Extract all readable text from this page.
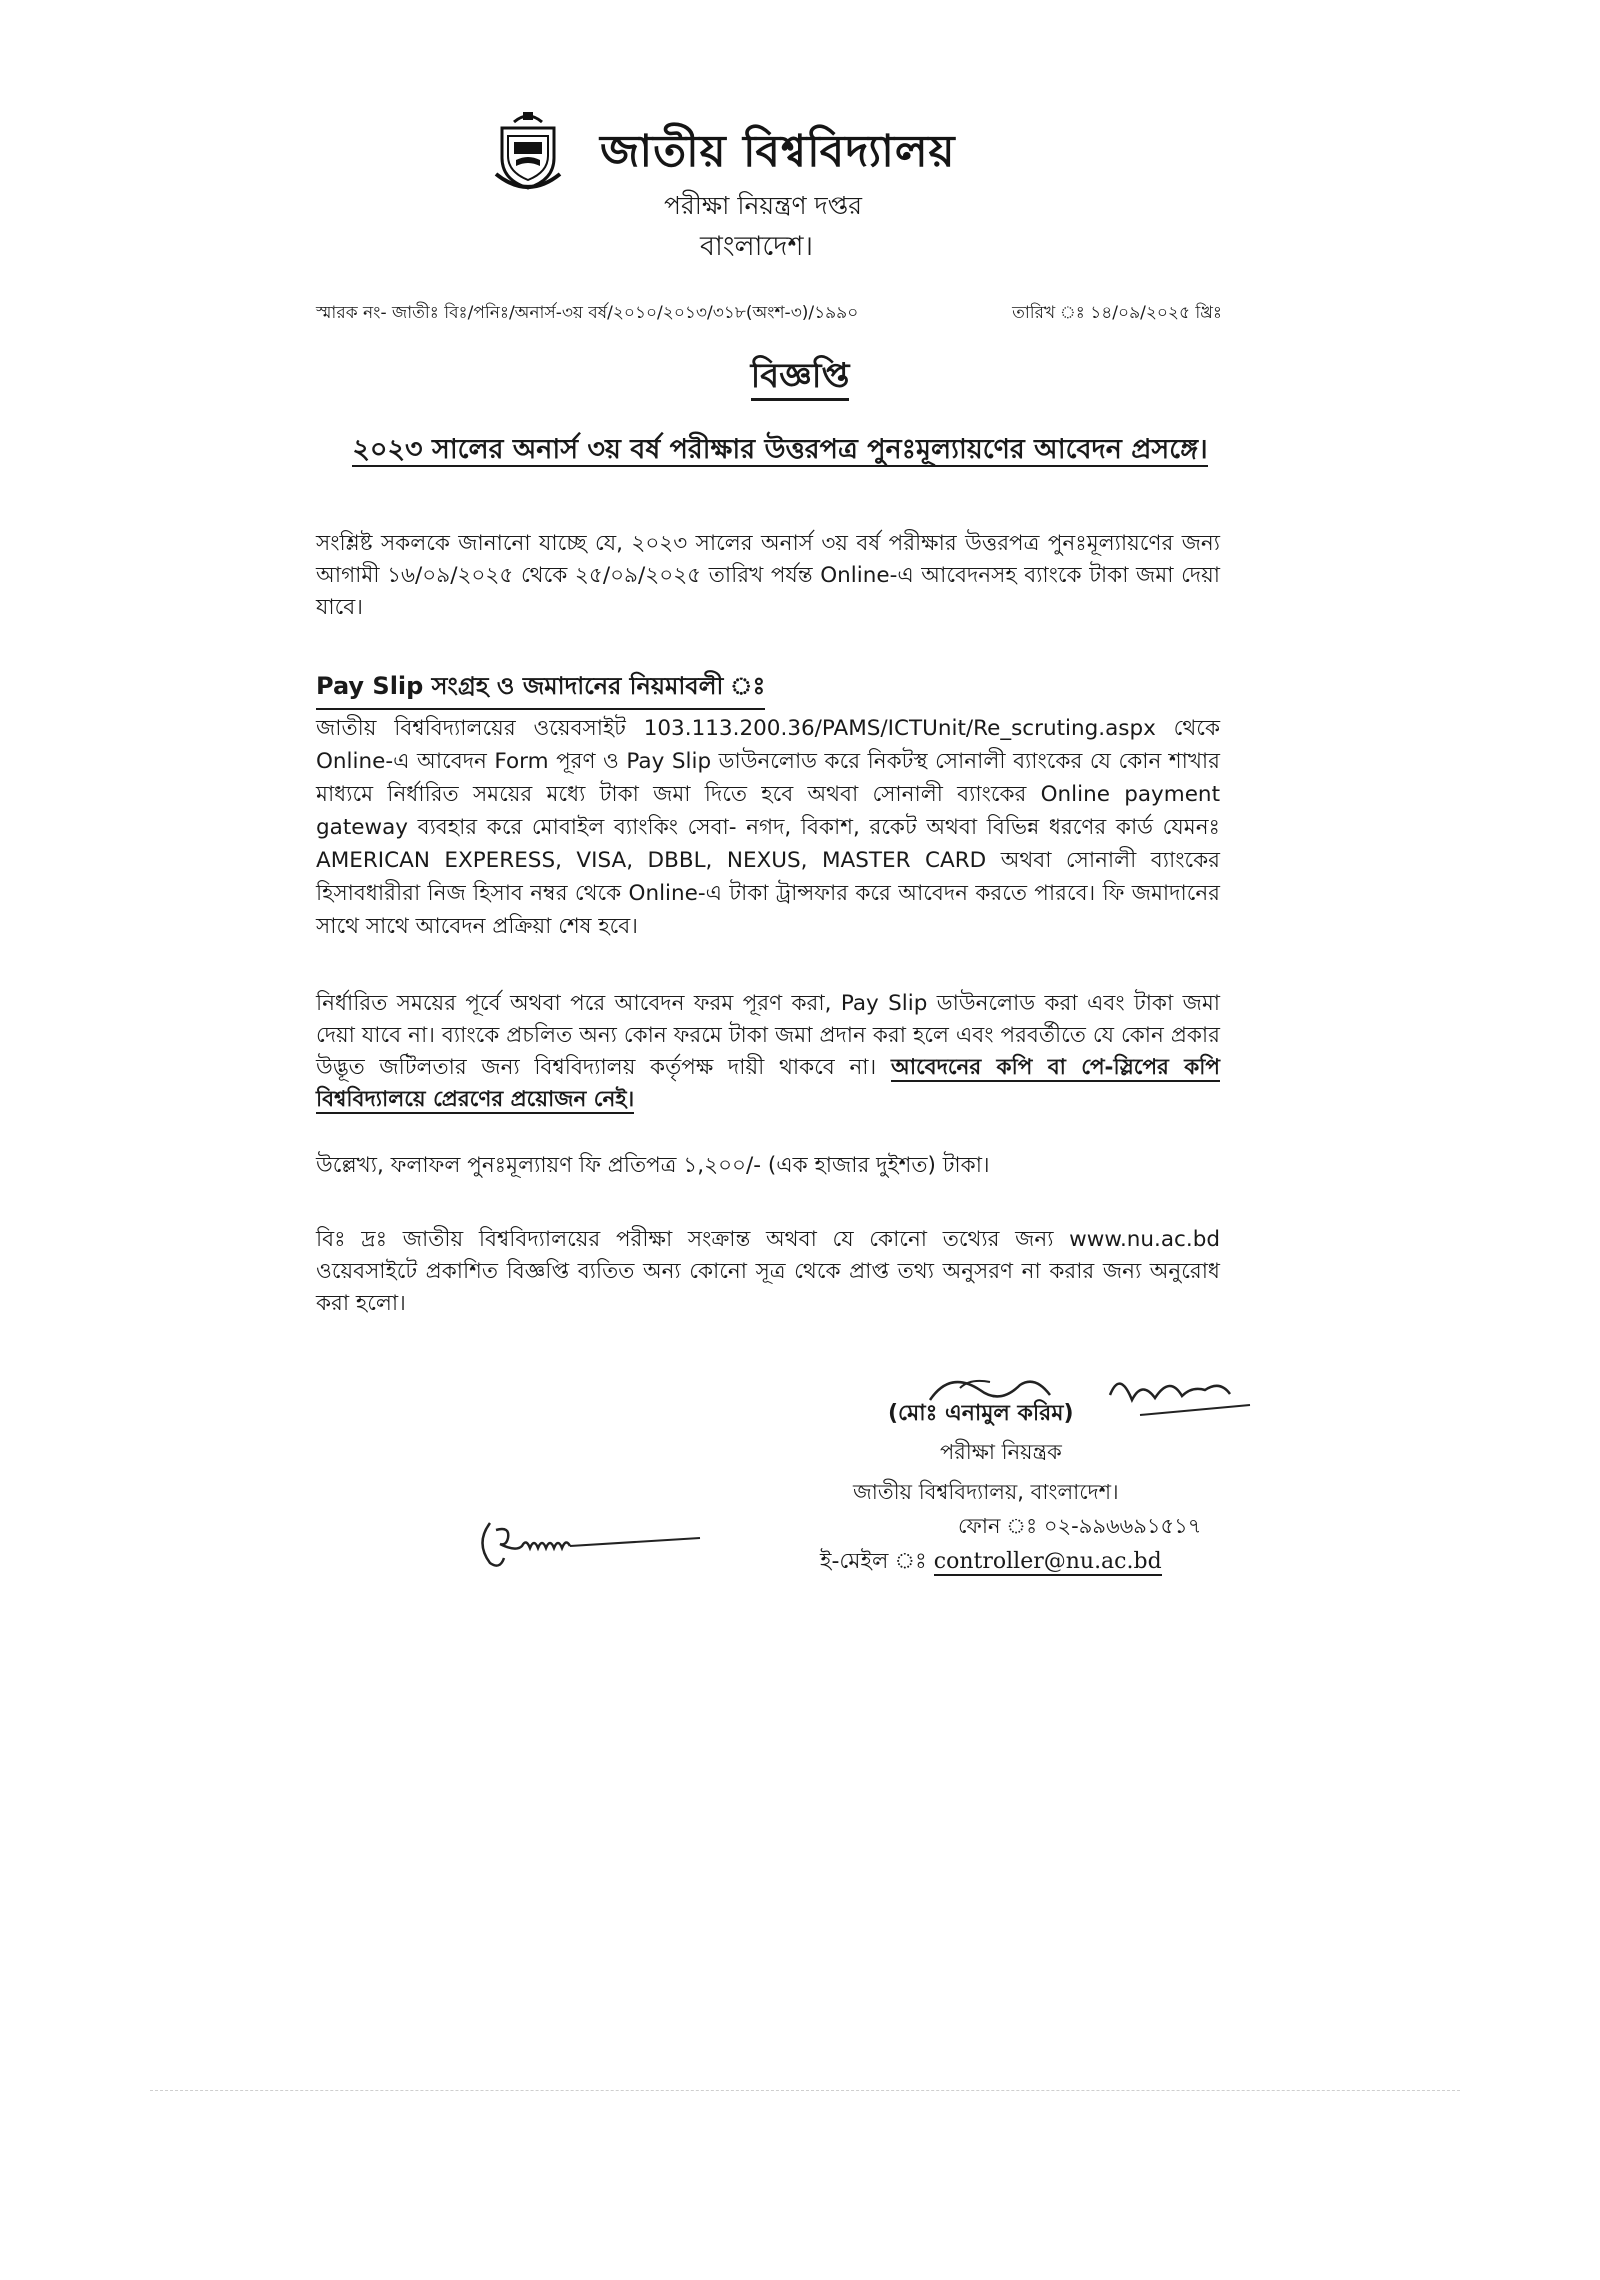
জাতীয় বিশ্ববিদ্যালয়
পরীক্ষা নিয়ন্ত্রণ দপ্তর
বাংলাদেশ।
স্মারক নং- জাতীঃ বিঃ/পনিঃ/অনার্স-৩য় বর্ষ/২০১০/২০১৩/৩১৮(অংশ-৩)/১৯৯০	তারিখ ঃ ১৪/০৯/২০২৫ খ্রিঃ
বিজ্ঞপ্তি
২০২৩ সালের অনার্স ৩য় বর্ষ পরীক্ষার উত্তরপত্র পুনঃমূল্যায়ণের আবেদন প্রসঙ্গে।
সংশ্লিষ্ট সকলকে জানানো যাচ্ছে যে, ২০২৩ সালের অনার্স ৩য় বর্ষ পরীক্ষার উত্তরপত্র পুনঃমূল্যায়ণের জন্য আগামী ১৬/০৯/২০২৫ থেকে ২৫/০৯/২০২৫ তারিখ পর্যন্ত Online-এ আবেদনসহ ব্যাংকে টাকা জমা দেয়া যাবে।
Pay Slip সংগ্রহ ও জমাদানের নিয়মাবলী ঃ
জাতীয় বিশ্ববিদ্যালয়ের ওয়েবসাইট 103.113.200.36/PAMS/ICTUnit/Re_scruting.aspx থেকে Online-এ আবেদন Form পূরণ ও Pay Slip ডাউনলোড করে নিকটস্থ সোনালী ব্যাংকের যে কোন শাখার মাধ্যমে নির্ধারিত সময়ের মধ্যে টাকা জমা দিতে হবে অথবা সোনালী ব্যাংকের Online payment gateway ব্যবহার করে মোবাইল ব্যাংকিং সেবা- নগদ, বিকাশ, রকেট অথবা বিভিন্ন ধরণের কার্ড যেমনঃ AMERICAN EXPERESS, VISA, DBBL, NEXUS, MASTER CARD অথবা সোনালী ব্যাংকের হিসাবধারীরা নিজ হিসাব নম্বর থেকে Online-এ টাকা ট্রান্সফার করে আবেদন করতে পারবে। ফি জমাদানের সাথে সাথে আবেদন প্রক্রিয়া শেষ হবে।
নির্ধারিত সময়ের পূর্বে অথবা পরে আবেদন ফরম পূরণ করা, Pay Slip ডাউনলোড করা এবং টাকা জমা দেয়া যাবে না। ব্যাংকে প্রচলিত অন্য কোন ফরমে টাকা জমা প্রদান করা হলে এবং পরবর্তীতে যে কোন প্রকার উদ্ভূত জটিলতার জন্য বিশ্ববিদ্যালয় কর্তৃপক্ষ দায়ী থাকবে না। আবেদনের কপি বা পে-স্লিপের কপি বিশ্ববিদ্যালয়ে প্রেরণের প্রয়োজন নেই।
উল্লেখ্য, ফলাফল পুনঃমূল্যায়ণ ফি প্রতিপত্র ১,২০০/- (এক হাজার দুইশত) টাকা।
বিঃ দ্রঃ জাতীয় বিশ্ববিদ্যালয়ের পরীক্ষা সংক্রান্ত অথবা যে কোনো তথ্যের জন্য www.nu.ac.bd ওয়েবসাইটে প্রকাশিত বিজ্ঞপ্তি ব্যতিত অন্য কোনো সূত্র থেকে প্রাপ্ত তথ্য অনুসরণ না করার জন্য অনুরোধ করা হলো।
(মোঃ এনামুল করিম)
পরীক্ষা নিয়ন্ত্রক
জাতীয় বিশ্ববিদ্যালয়, বাংলাদেশ।
ফোন ঃ ০২-৯৯৬৬৯১৫১৭
ই-মেইল ঃ controller@nu.ac.bd
